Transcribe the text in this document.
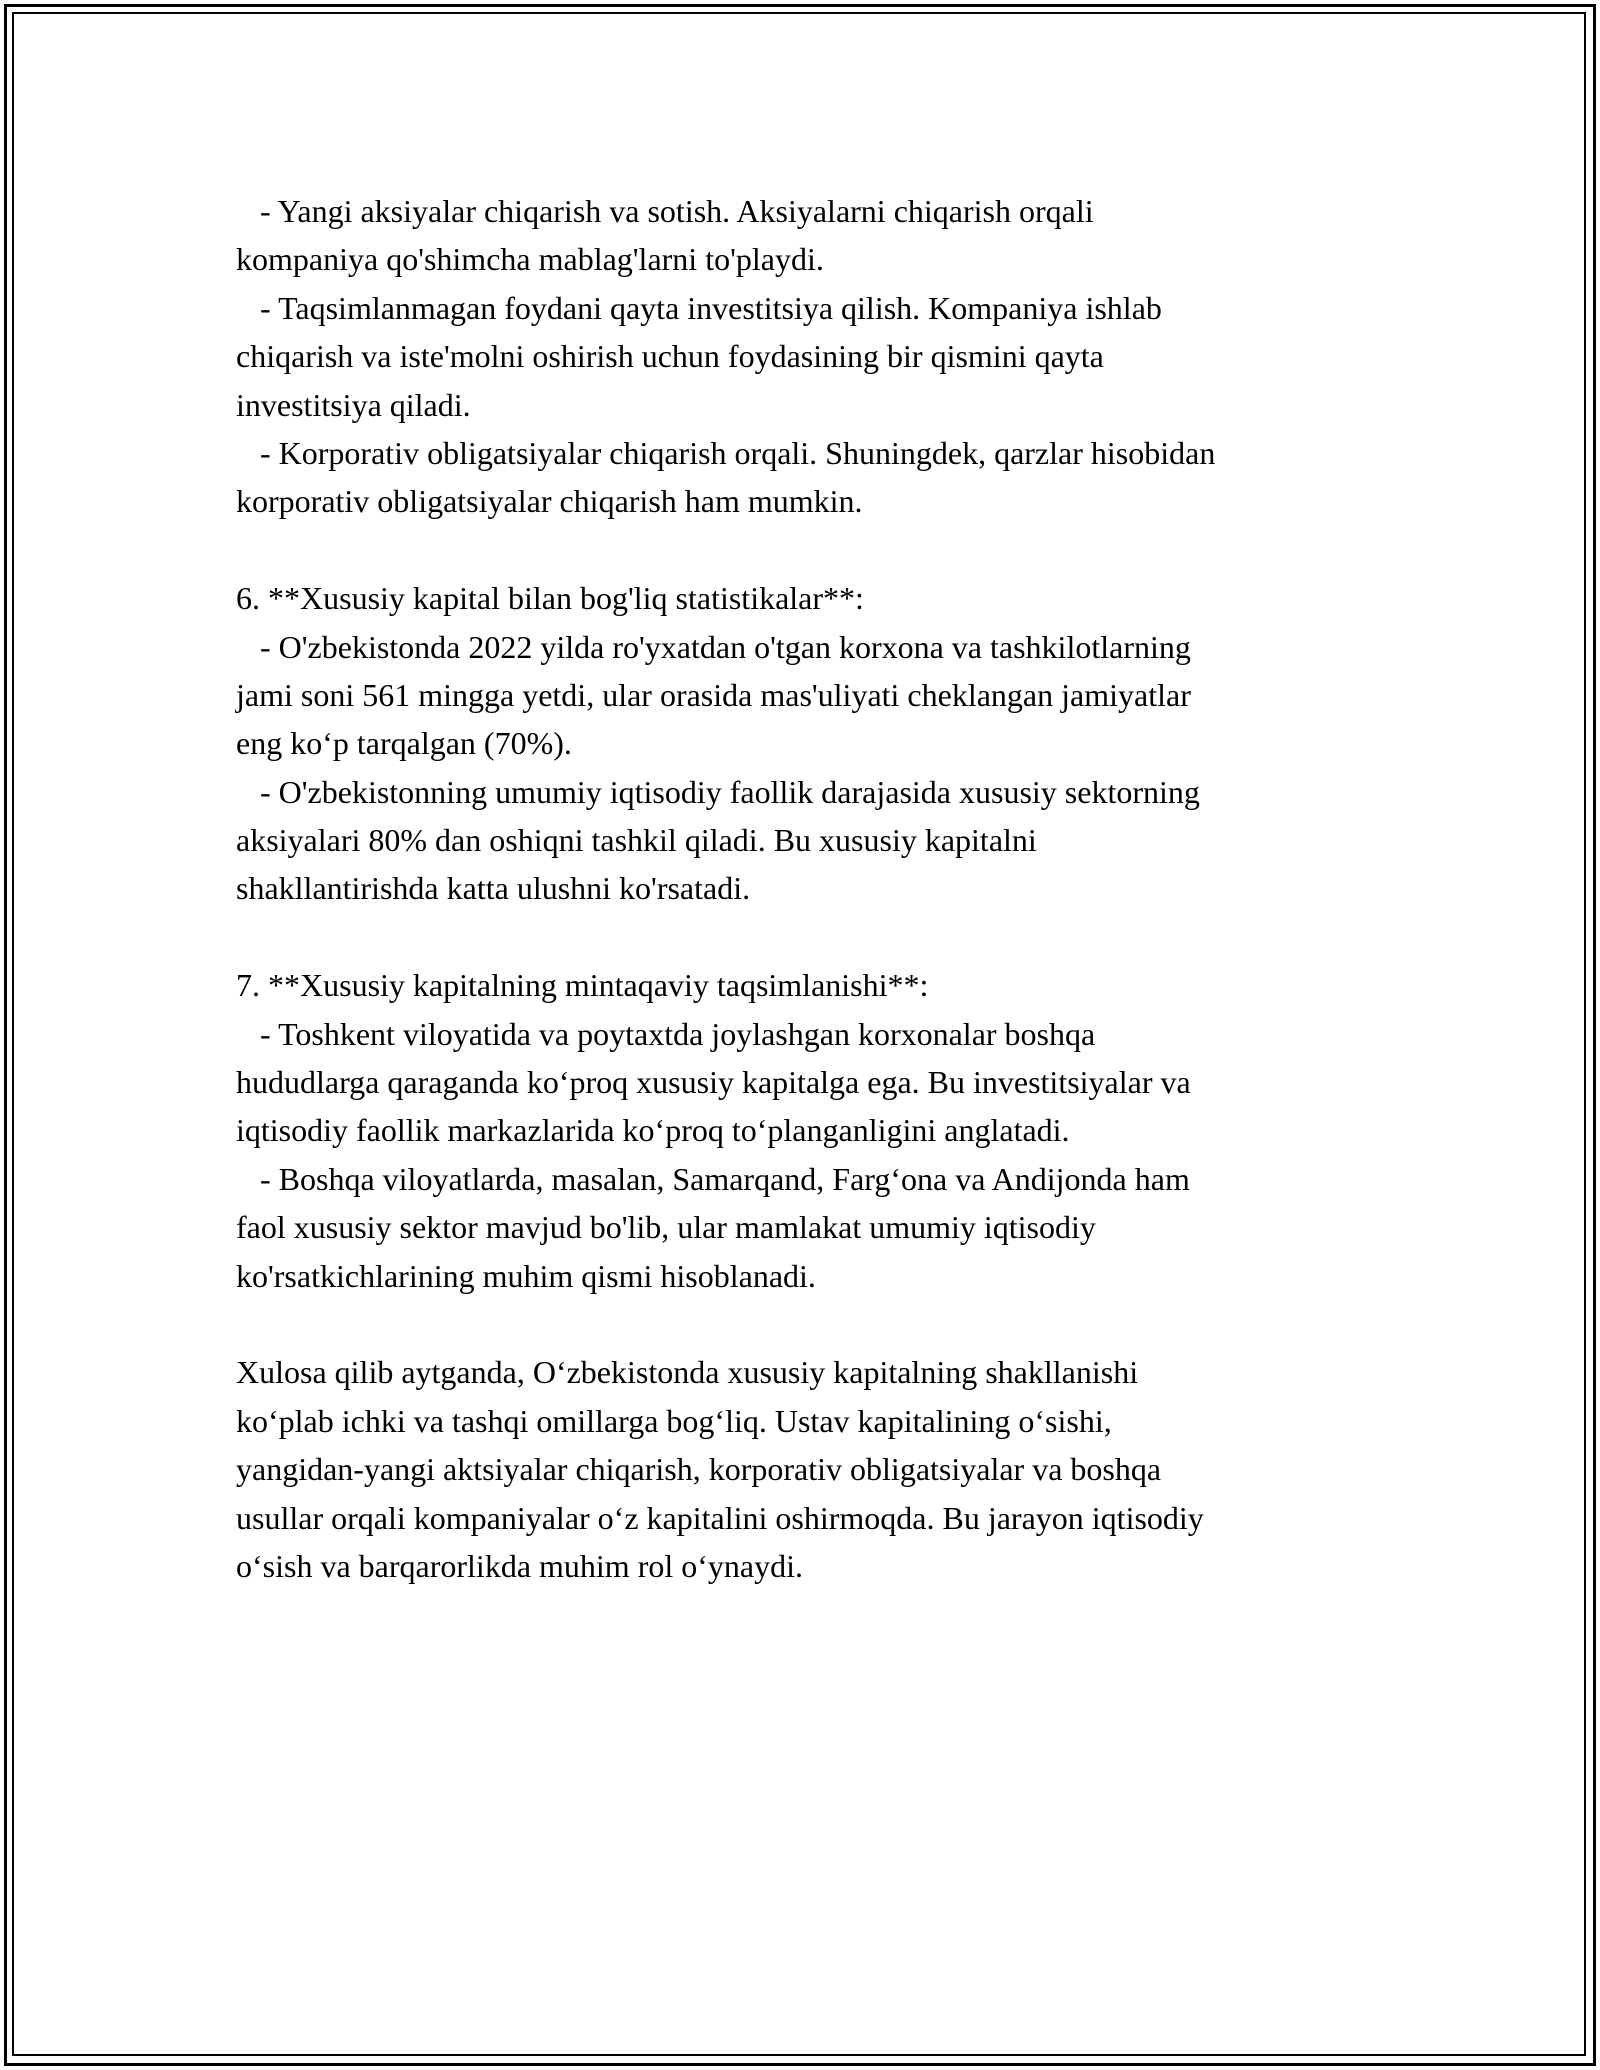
- Yangi aksiyalar chiqarish va sotish. Aksiyalarni chiqarish orqali
kompaniya qo'shimcha mablag'larni to'playdi.
- Taqsimlanmagan foydani qayta investitsiya qilish. Kompaniya ishlab
chiqarish va iste'molni oshirish uchun foydasining bir qismini qayta
investitsiya qiladi.
- Korporativ obligatsiyalar chiqarish orqali. Shuningdek, qarzlar hisobidan
korporativ obligatsiyalar chiqarish ham mumkin.
6. **Xususiy kapital bilan bog'liq statistikalar**:
- O'zbekistonda 2022 yilda ro'yxatdan o'tgan korxona va tashkilotlarning
jami soni 561 mingga yetdi, ular orasida mas'uliyati cheklangan jamiyatlar
eng ko‘p tarqalgan (70%).
- O'zbekistonning umumiy iqtisodiy faollik darajasida xususiy sektorning
aksiyalari 80% dan oshiqni tashkil qiladi. Bu xususiy kapitalni
shakllantirishda katta ulushni ko'rsatadi.
7. **Xususiy kapitalning mintaqaviy taqsimlanishi**:
- Toshkent viloyatida va poytaxtda joylashgan korxonalar boshqa
hududlarga qaraganda ko‘proq xususiy kapitalga ega. Bu investitsiyalar va
iqtisodiy faollik markazlarida ko‘proq to‘planganligini anglatadi.
- Boshqa viloyatlarda, masalan, Samarqand, Farg‘ona va Andijonda ham
faol xususiy sektor mavjud bo'lib, ular mamlakat umumiy iqtisodiy
ko'rsatkichlarining muhim qismi hisoblanadi.
Xulosa qilib aytganda, O‘zbekistonda xususiy kapitalning shakllanishi
ko‘plab ichki va tashqi omillarga bog‘liq. Ustav kapitalining o‘sishi,
yangidan-yangi aktsiyalar chiqarish, korporativ obligatsiyalar va boshqa
usullar orqali kompaniyalar o‘z kapitalini oshirmoqda. Bu jarayon iqtisodiy
o‘sish va barqarorlikda muhim rol o‘ynaydi.
